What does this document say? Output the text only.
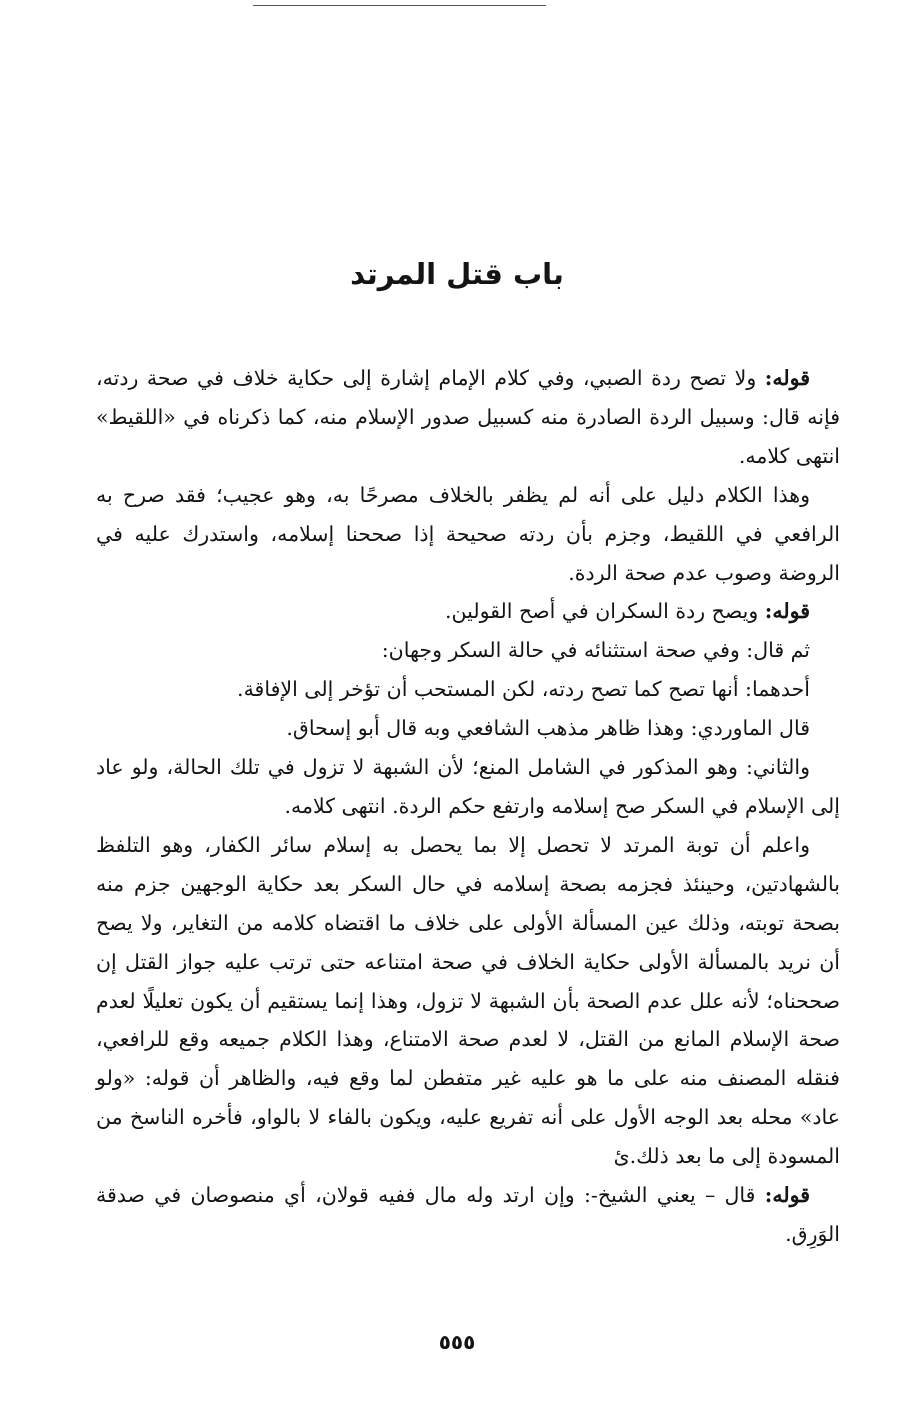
باب قتل المرتد

قوله: ولا تصح ردة الصبي، وفي كلام الإمام إشارة إلى حكاية خلاف في صحة ردته، فإنه قال: وسبيل الردة الصادرة منه كسبيل صدور الإسلام منه، كما ذكرناه في «اللقيط» انتهى كلامه.

وهذا الكلام دليل على أنه لم يظفر بالخلاف مصرحًا به، وهو عجيب؛ فقد صرح به الرافعي في اللقيط، وجزم بأن ردته صحيحة إذا صححنا إسلامه، واستدرك عليه في الروضة وصوب عدم صحة الردة.

قوله: ويصح ردة السكران في أصح القولين.

ثم قال: وفي صحة استثنائه في حالة السكر وجهان:

أحدهما: أنها تصح كما تصح ردته، لكن المستحب أن تؤخر إلى الإفاقة.

قال الماوردي: وهذا ظاهر مذهب الشافعي وبه قال أبو إسحاق.

والثاني: وهو المذكور في الشامل المنع؛ لأن الشبهة لا تزول في تلك الحالة، ولو عاد إلى الإسلام في السكر صح إسلامه وارتفع حكم الردة. انتهى كلامه.

واعلم أن توبة المرتد لا تحصل إلا بما يحصل به إسلام سائر الكفار، وهو التلفظ بالشهادتين، وحينئذ فجزمه بصحة إسلامه في حال السكر بعد حكاية الوجهين جزم منه بصحة توبته، وذلك عين المسألة الأولى على خلاف ما اقتضاه كلامه من التغاير، ولا يصح أن نريد بالمسألة الأولى حكاية الخلاف في صحة امتناعه حتى ترتب عليه جواز القتل إن صححناه؛ لأنه علل عدم الصحة بأن الشبهة لا تزول، وهذا إنما يستقيم أن يكون تعليلًا لعدم صحة الإسلام المانع من القتل، لا لعدم صحة الامتناع، وهذا الكلام جميعه وقع للرافعي، فنقله المصنف منه على ما هو عليه غير متفطن لما وقع فيه، والظاهر أن قوله: «ولو عاد» محله بعد الوجه الأول على أنه تفريع عليه، ويكون بالفاء لا بالواو، فأخره الناسخ من المسودة إلى ما بعد ذلك.ئ

قوله: قال – يعني الشيخ-: وإن ارتد وله مال ففيه قولان، أي منصوصان في صدقة الوَرِق.

٥٥٥
